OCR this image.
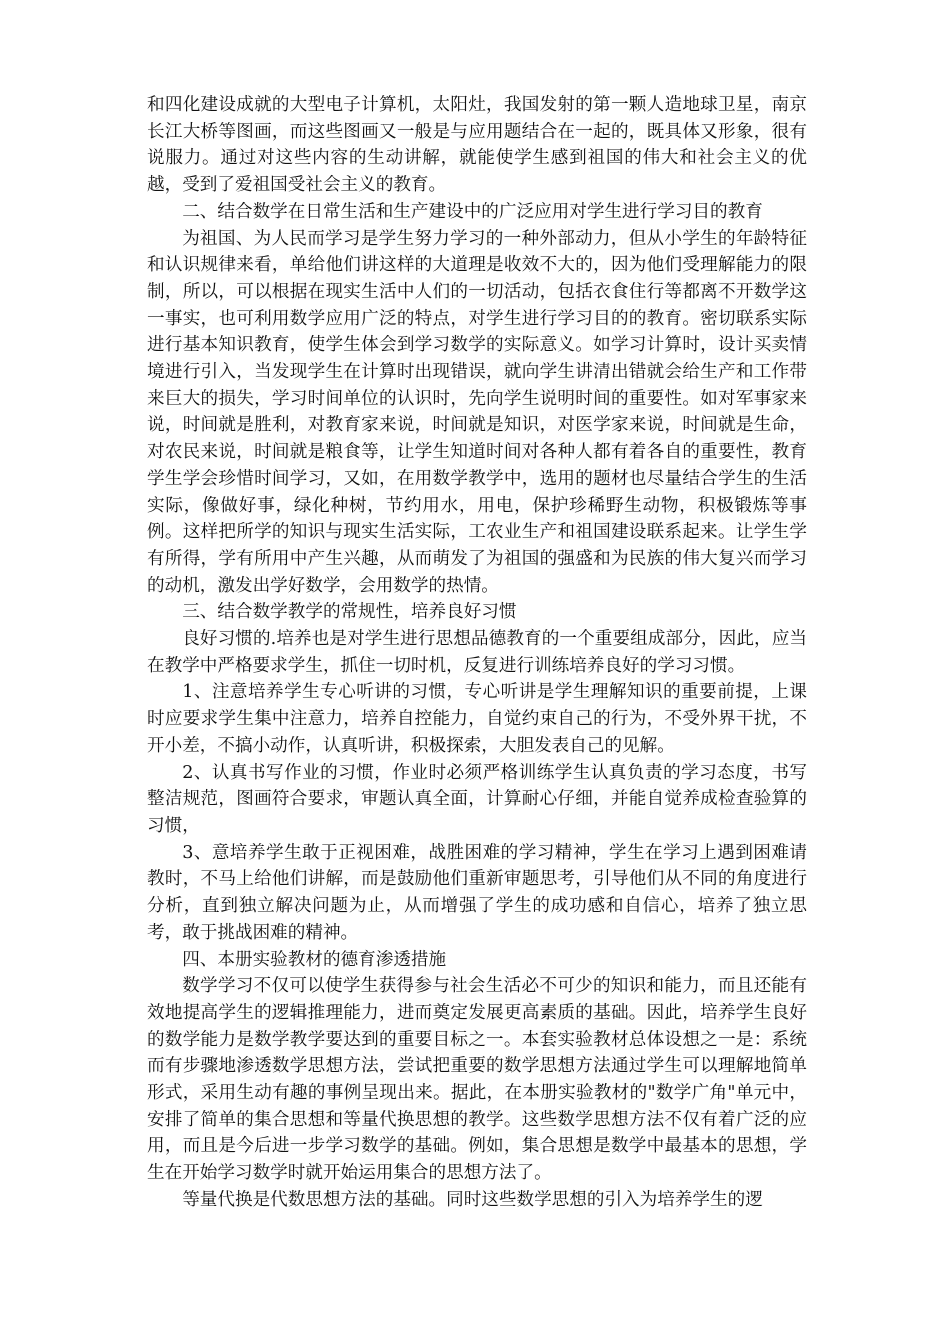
和四化建设成就的大型电子计算机，太阳灶，我国发射的第一颗人造地球卫星，南京长江大桥等图画，而这些图画又一般是与应用题结合在一起的，既具体又形象，很有说服力。通过对这些内容的生动讲解，就能使学生感到祖国的伟大和社会主义的优越，受到了爱祖国受社会主义的教育。

二、结合数学在日常生活和生产建设中的广泛应用对学生进行学习目的教育

为祖国、为人民而学习是学生努力学习的一种外部动力，但从小学生的年龄特征和认识规律来看，单给他们讲这样的大道理是收效不大的，因为他们受理解能力的限制，所以，可以根据在现实生活中人们的一切活动，包括衣食住行等都离不开数学这一事实，也可利用数学应用广泛的特点，对学生进行学习目的的教育。密切联系实际进行基本知识教育，使学生体会到学习数学的实际意义。如学习计算时，设计买卖情境进行引入，当发现学生在计算时出现错误，就向学生讲清出错就会给生产和工作带来巨大的损失，学习时间单位的认识时，先向学生说明时间的重要性。如对军事家来说，时间就是胜利，对教育家来说，时间就是知识，对医学家来说，时间就是生命，对农民来说，时间就是粮食等，让学生知道时间对各种人都有着各自的重要性，教育学生学会珍惜时间学习，又如，在用数学教学中，选用的题材也尽量结合学生的生活实际，像做好事，绿化种树，节约用水，用电，保护珍稀野生动物，积极锻炼等事例。这样把所学的知识与现实生活实际，工农业生产和祖国建设联系起来。让学生学有所得，学有所用中产生兴趣，从而萌发了为祖国的强盛和为民族的伟大复兴而学习的动机，激发出学好数学，会用数学的热情。

三、结合数学教学的常规性，培养良好习惯

良好习惯的.培养也是对学生进行思想品德教育的一个重要组成部分，因此，应当在教学中严格要求学生，抓住一切时机，反复进行训练培养良好的学习习惯。

1、注意培养学生专心听讲的习惯，专心听讲是学生理解知识的重要前提，上课时应要求学生集中注意力，培养自控能力，自觉约束自己的行为，不受外界干扰，不开小差，不搞小动作，认真听讲，积极探索，大胆发表自己的见解。

2、认真书写作业的习惯，作业时必须严格训练学生认真负责的学习态度，书写整洁规范，图画符合要求，审题认真全面，计算耐心仔细，并能自觉养成检查验算的习惯，

3、意培养学生敢于正视困难，战胜困难的学习精神，学生在学习上遇到困难请教时，不马上给他们讲解，而是鼓励他们重新审题思考，引导他们从不同的角度进行分析，直到独立解决问题为止，从而增强了学生的成功感和自信心，培养了独立思考，敢于挑战困难的精神。

四、本册实验教材的德育渗透措施

数学学习不仅可以使学生获得参与社会生活必不可少的知识和能力，而且还能有效地提高学生的逻辑推理能力，进而奠定发展更高素质的基础。因此，培养学生良好的数学能力是数学教学要达到的重要目标之一。本套实验教材总体设想之一是：系统而有步骤地渗透数学思想方法，尝试把重要的数学思想方法通过学生可以理解地简单形式，采用生动有趣的事例呈现出来。据此，在本册实验教材的"数学广角"单元中，安排了简单的集合思想和等量代换思想的教学。这些数学思想方法不仅有着广泛的应用，而且是今后进一步学习数学的基础。例如，集合思想是数学中最基本的思想，学生在开始学习数学时就开始运用集合的思想方法了。

等量代换是代数思想方法的基础。同时这些数学思想的引入为培养学生的逻
